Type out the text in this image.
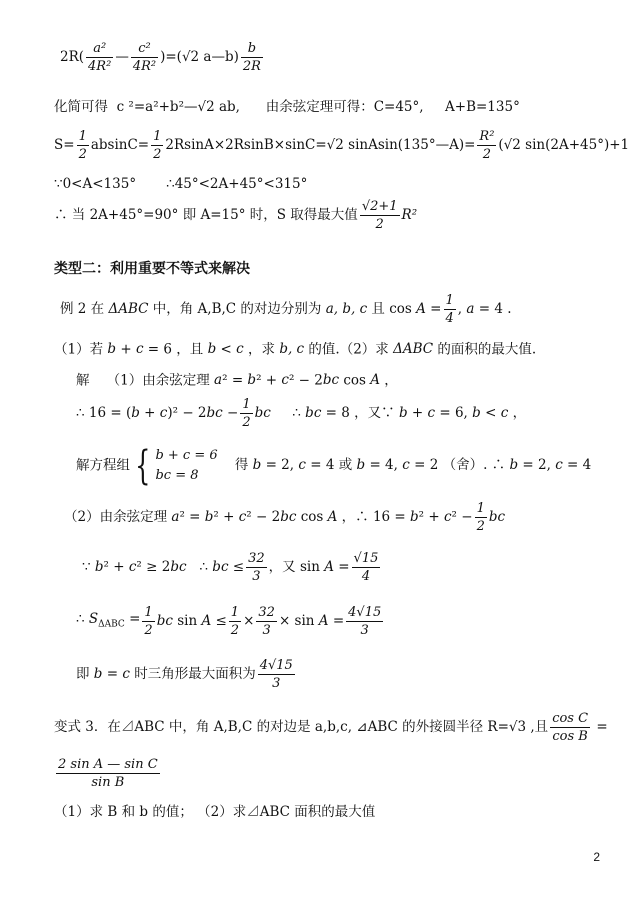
$2R( \frac{\text{a²}}{\text{4R²}}$ — $\frac{\text{c²}}{\text{4R²}} )=(√2$ a—b) $\frac{b}{2R}$
化简可得  c ²=a²+b²—√2 ab,      由余弦定理可得：C=45°,     A+B=135°
$S= \frac{1}{2} absinC= \frac{1}{2} 2RsinA\times 2RsinB\times\sin C=√2$ sinAsin(135°—A)= $\frac{\text{R²}}{2} (√2$ sin(2A+45°)+1
∵0<A<135°       ∴45°<2A+45°<315°
∴ 当 2A+45°=90° 即 A=15° 时，S 取得最大值 $\frac{√2+1}{2} R^2$
类型二：利用重要不等式来解决
例 2 在 ΔABC 中，角 A,B,C 的对边分别为 a, b, c 且 $\cos A = \frac{1}{4}$ , a = 4 .
（1）若 b + c = 6 ，且 b < c ，求 b, c 的值.（2）求 ΔABC 的面积的最大值.
解    （1）由余弦定理 a² = b² + c² − 2bc cos A ，
∴ $16 = (b + c)^2 - 2bc - \frac{1}{2}$ bc     ∴ bc = 8 ，又∵ b + c = 6, b < c ，
解方程组 { b + c = 6
bc = 8    得 b = 2, c = 4 或 b = 4, c = 2 （舍）. ∴ b = 2, c = 4
（2）由余弦定理 a² = b² + c² − 2bc cos A ，∴ $16 = b^2 + c^2 - \frac{1}{2}$ bc
∵ b² + c² ≥ 2bc   ∴ bc ≤ $\frac{32}{3}$ ，又 $\sin A = \frac{√15}{4}$
∴ $S_{\Delta ABC} = \frac{1}{2}$ bc $\sin A \le \frac{1}{2} \times \frac{32}{3} \times \sin A = \frac{4√15}{3}$
即 b = c 时三角形最大面积为 $\frac{4√15}{3}$
变式 3．在⊿ABC 中，角 A,B,C 的对边是 a,b,c, ⊿ABC 的外接圆半径 R=√3 ,且 $\frac{\text{cos C}}{\text{cos B}}$ =
$\frac{\text{2 sin A — sin C}}{\text{sin B}}$
（1）求 B 和 b 的值； （2）求⊿ABC 面积的最大值
2
